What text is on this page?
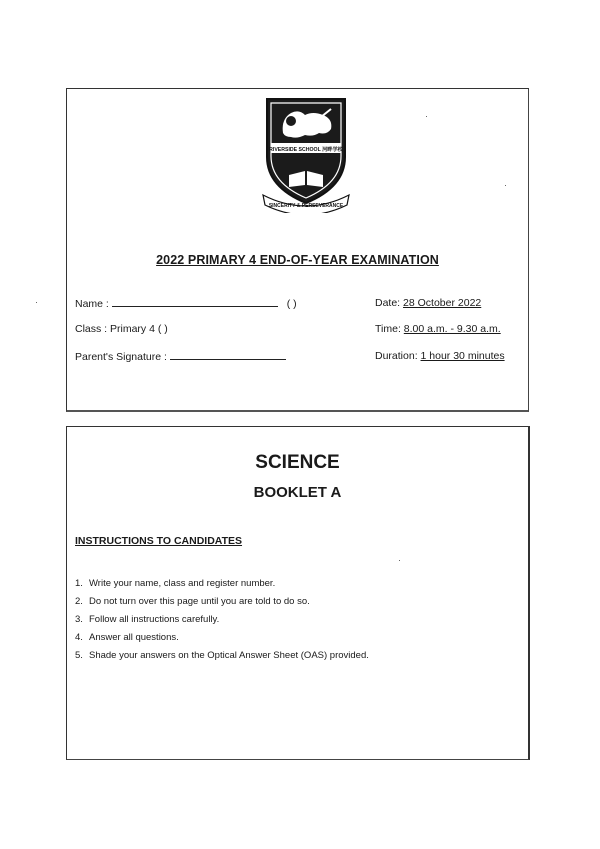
RIVERSIDE SCHOOL 河畔学校
SINCERITY & PERSEVERANCE
2022 PRIMARY 4 END-OF-YEAR EXAMINATION
Name :	( )
Class : Primary 4 ( )
Parent's Signature :
Date: 28 October 2022
Time: 8.00 a.m. - 9.30 a.m.
Duration: 1 hour 30 minutes
SCIENCE
BOOKLET A
INSTRUCTIONS TO CANDIDATES
1. Write your name, class and register number.
2. Do not turn over this page until you are told to do so.
3. Follow all instructions carefully.
4. Answer all questions.
5. Shade your answers on the Optical Answer Sheet (OAS) provided.
